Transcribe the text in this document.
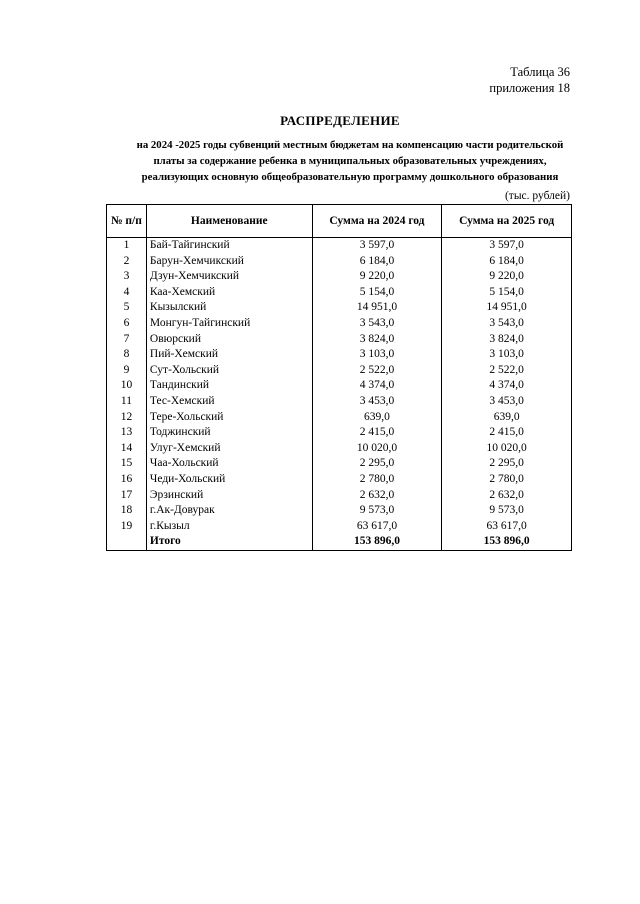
Таблица 36
приложения 18
РАСПРЕДЕЛЕНИЕ
на 2024 -2025 годы субвенций местным бюджетам на компенсацию части родительской
платы за содержание ребенка в муниципальных образовательных учреждениях,
реализующих основную общеобразовательную программу дошкольного образования
(тыс. рублей)
№ п/п	Наименование	Сумма на 2024 год	Сумма на 2025 год
1	Бай-Тайгинский	3 597,0	3 597,0
2	Барун-Хемчикский	6 184,0	6 184,0
3	Дзун-Хемчикский	9 220,0	9 220,0
4	Каа-Хемский	5 154,0	5 154,0
5	Кызылский	14 951,0	14 951,0
6	Монгун-Тайгинский	3 543,0	3 543,0
7	Овюрский	3 824,0	3 824,0
8	Пий-Хемский	3 103,0	3 103,0
9	Сут-Хольский	2 522,0	2 522,0
10	Тандинский	4 374,0	4 374,0
11	Тес-Хемский	3 453,0	3 453,0
12	Тере-Хольский	639,0	639,0
13	Тоджинский	2 415,0	2 415,0
14	Улуг-Хемский	10 020,0	10 020,0
15	Чаа-Хольский	2 295,0	2 295,0
16	Чеди-Хольский	2 780,0	2 780,0
17	Эрзинский	2 632,0	2 632,0
18	г.Ак-Довурак	9 573,0	9 573,0
19	г.Кызыл	63 617,0	63 617,0
	Итого	153 896,0	153 896,0
